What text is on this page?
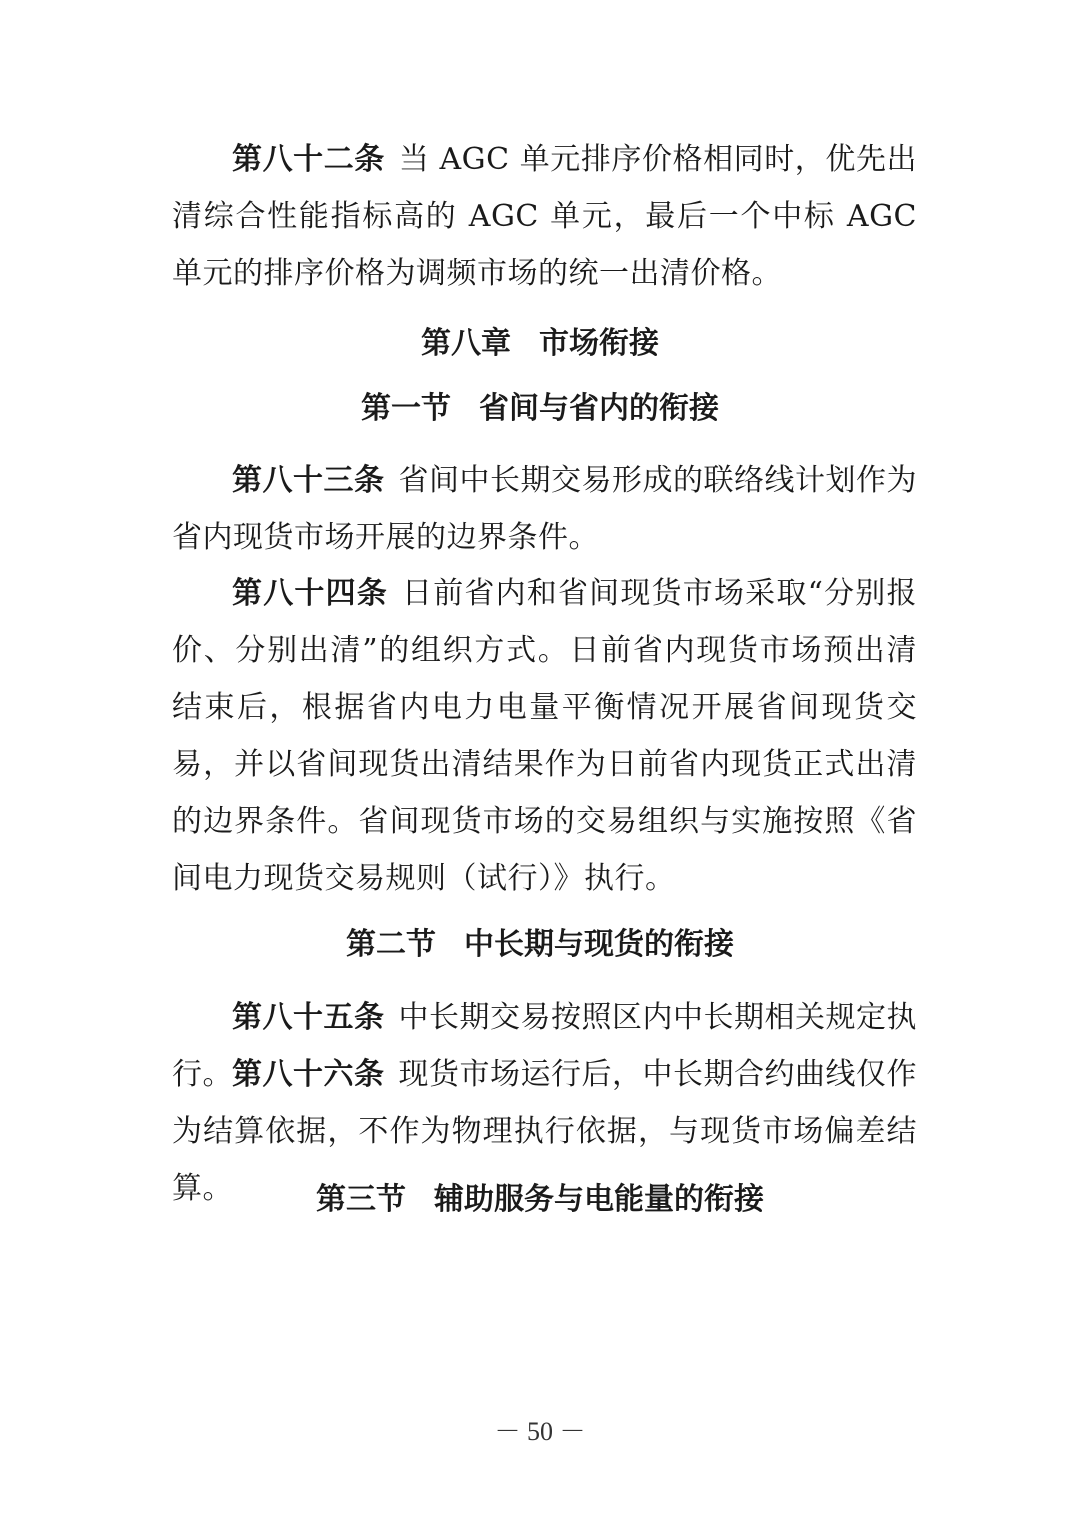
第八十二条 当 AGC 单元排序价格相同时，优先出清综合性能指标高的 AGC 单元，最后一个中标 AGC 单元的排序价格为调频市场的统一出清价格。

第八章 市场衔接
第一节 省间与省内的衔接

第八十三条 省间中长期交易形成的联络线计划作为省内现货市场开展的边界条件。

第八十四条 日前省内和省间现货市场采取“分别报价、分别出清”的组织方式。日前省内现货市场预出清结束后，根据省内电力电量平衡情况开展省间现货交易，并以省间现货出清结果作为日前省内现货正式出清的边界条件。省间现货市场的交易组织与实施按照《省间电力现货交易规则（试行）》执行。

第二节 中长期与现货的衔接

第八十五条 中长期交易按照区内中长期相关规定执行。 第八十六条 现货市场运行后，中长期合约曲线仅作为结算依据，不作为物理执行依据，与现货市场偏差结算。	第三节 辅助服务与电能量的衔接
－ 50 －
